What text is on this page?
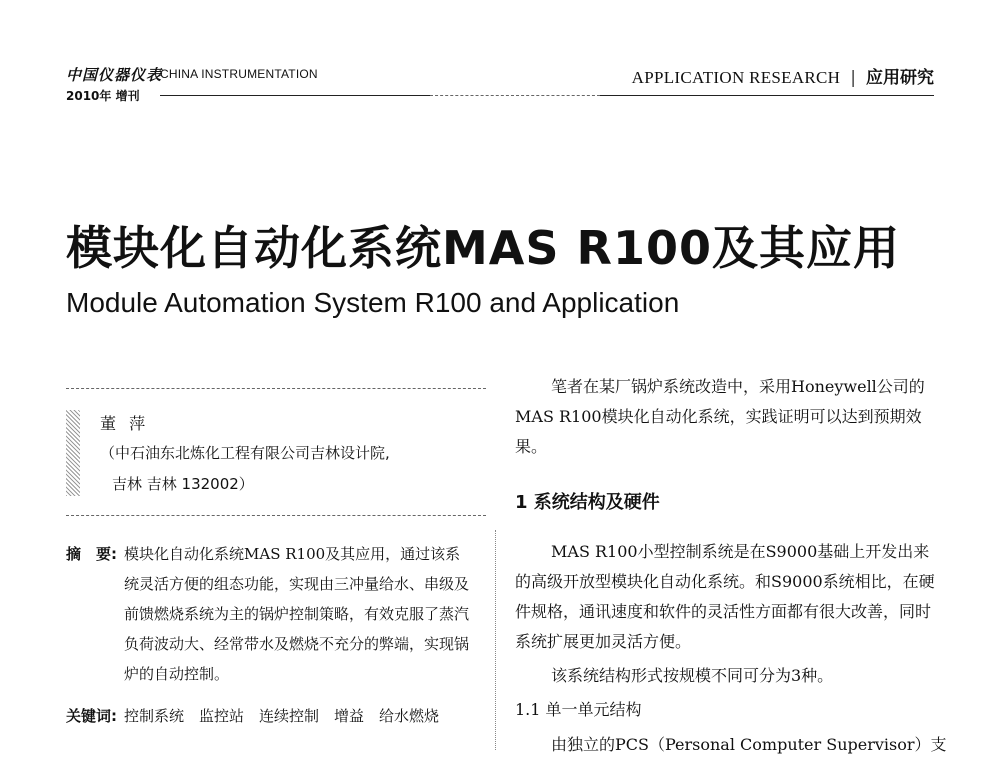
中国仪器仪表
CHINA INSTRUMENTATION
2010年 增刊
APPLICATION RESEARCH | 应用研究
模块化自动化系统MAS R100及其应用
Module Automation System R100 and Application
董 萍
（中石油东北炼化工程有限公司吉林设计院,
吉林 吉林 132002）
摘　要: 模块化自动化系统MAS R100及其应用，通过该系统灵活方便的组态功能，实现由三冲量给水、串级及前馈燃烧系统为主的锅炉控制策略，有效克服了蒸汽负荷波动大、经常带水及燃烧不充分的弊端，实现锅炉的自动控制。
关键词: 控制系统　监控站　连续控制　增益　给水燃烧
笔者在某厂锅炉系统改造中，采用Honeywell公司的MAS R100模块化自动化系统，实践证明可以达到预期效果。
1 系统结构及硬件
MAS R100小型控制系统是在S9000基础上开发出来的高级开放型模块化自动化系统。和S9000系统相比，在硬件规格，通讯速度和软件的灵活性方面都有很大改善，同时系统扩展更加灵活方便。
该系统结构形式按规模不同可分为3种。
1.1 单一单元结构
由独立的PCS（Personal Computer Supervisor）支
